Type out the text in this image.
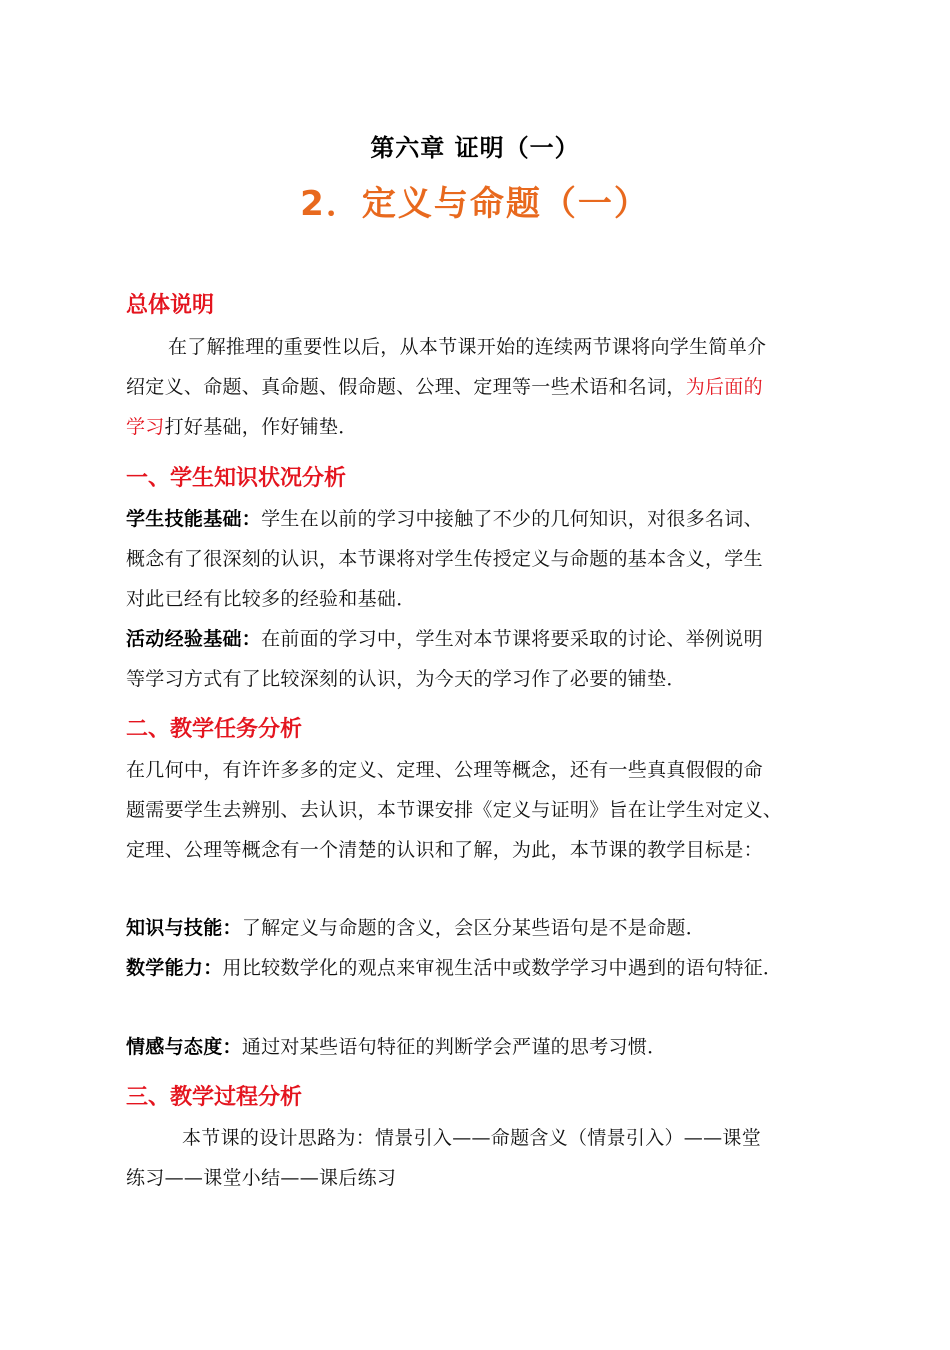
第六章 证明（一）
2．定义与命题（一）
总体说明
在了解推理的重要性以后，从本节课开始的连续两节课将向学生简单介
绍定义、命题、真命题、假命题、公理、定理等一些术语和名词，为后面的
学习打好基础，作好铺垫．
一、学生知识状况分析
学生技能基础：学生在以前的学习中接触了不少的几何知识，对很多名词、
概念有了很深刻的认识，本节课将对学生传授定义与命题的基本含义，学生
对此已经有比较多的经验和基础．
活动经验基础：在前面的学习中，学生对本节课将要采取的讨论、举例说明
等学习方式有了比较深刻的认识，为今天的学习作了必要的铺垫．
二、教学任务分析
在几何中，有许许多多的定义、定理、公理等概念，还有一些真真假假的命
题需要学生去辨别、去认识，本节课安排《定义与证明》旨在让学生对定义、
定理、公理等概念有一个清楚的认识和了解，为此，本节课的教学目标是：
知识与技能：了解定义与命题的含义，会区分某些语句是不是命题．
数学能力：用比较数学化的观点来审视生活中或数学学习中遇到的语句特征．
情感与态度：通过对某些语句特征的判断学会严谨的思考习惯．
三、教学过程分析
本节课的设计思路为：情景引入——命题含义（情景引入）——课堂
练习——课堂小结——课后练习
